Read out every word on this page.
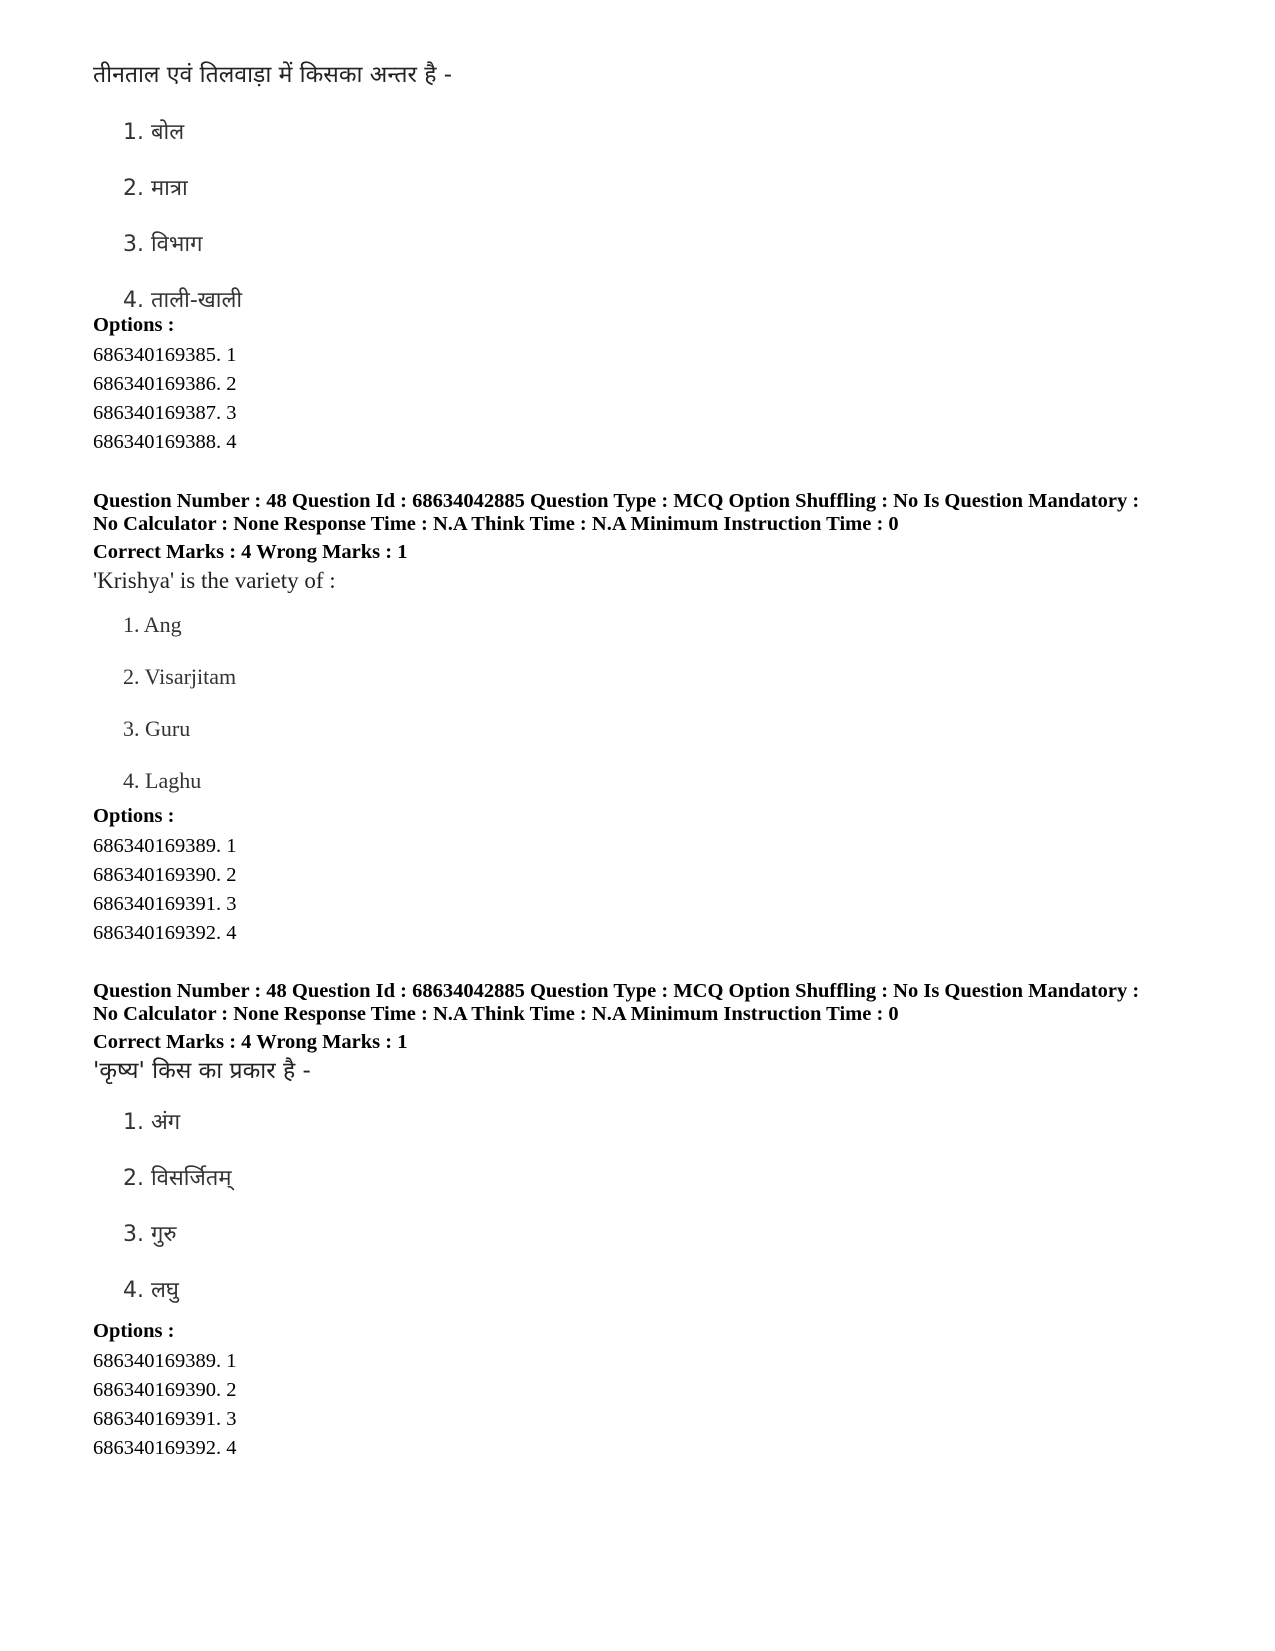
तीनताल एवं तिलवाड़ा में किसका अन्तर है -
1. बोल
2. मात्रा
3. विभाग
4. ताली-खाली
Options :
686340169385. 1
686340169386. 2
686340169387. 3
686340169388. 4
Question Number : 48 Question Id : 68634042885 Question Type : MCQ Option Shuffling : No Is Question Mandatory :
No Calculator : None Response Time : N.A Think Time : N.A Minimum Instruction Time : 0
Correct Marks : 4 Wrong Marks : 1
'Krishya' is the variety of :
1. Ang
2. Visarjitam
3. Guru
4. Laghu
Options :
686340169389. 1
686340169390. 2
686340169391. 3
686340169392. 4
Question Number : 48 Question Id : 68634042885 Question Type : MCQ Option Shuffling : No Is Question Mandatory :
No Calculator : None Response Time : N.A Think Time : N.A Minimum Instruction Time : 0
Correct Marks : 4 Wrong Marks : 1
'कृष्य' किस का प्रकार है -
1. अंग
2. विसर्जितम्
3. गुरु
4. लघु
Options :
686340169389. 1
686340169390. 2
686340169391. 3
686340169392. 4
